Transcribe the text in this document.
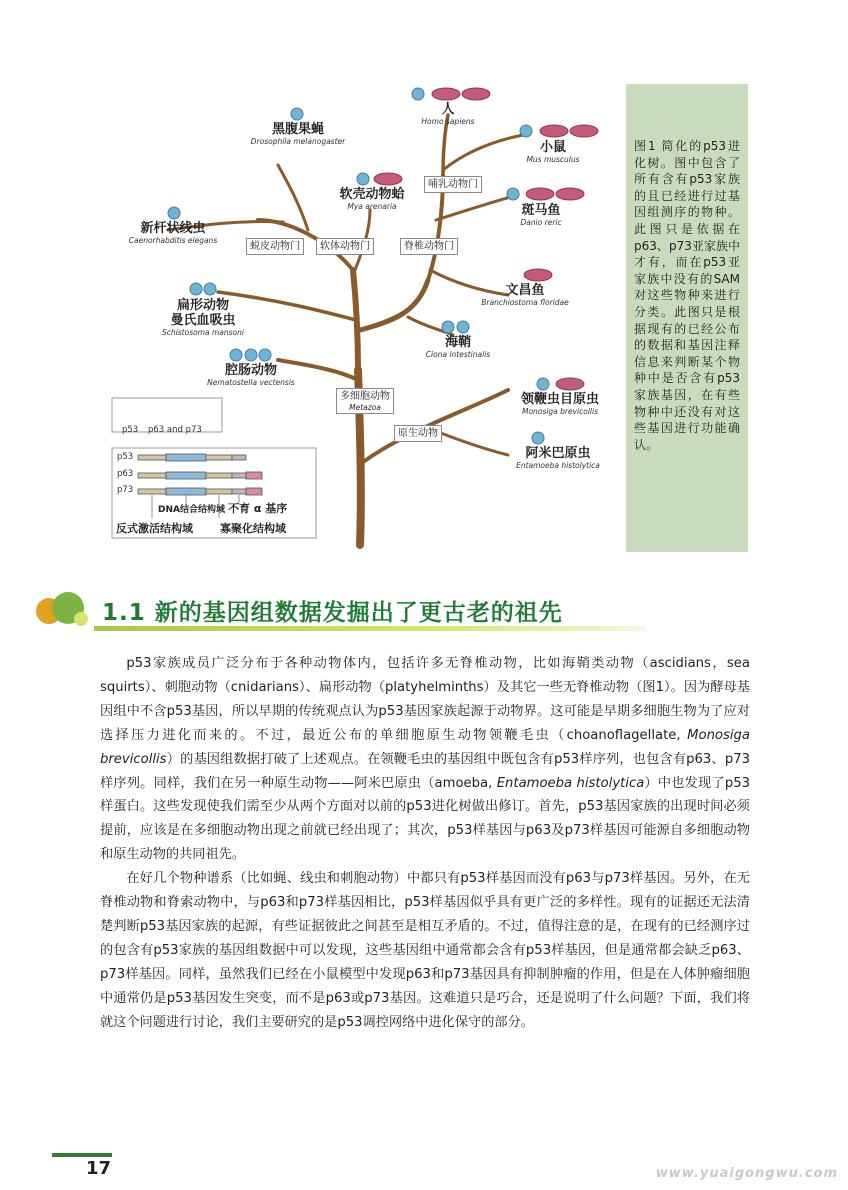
人
Homo sapiens
黑腹果蝇
Drosophila melanogaster	小鼠
Mus musculus
软壳动物蛤
Mya arenaria	斑马鱼
Danio reric
新杆状线虫
Caenorhabditis elegans
文昌鱼
Branchiostoma floridae
扁形动物
曼氏血吸虫
Schistosoma mansoni
海鞘
Ciona intestinalis
腔肠动物
Nematostella vectensis
领鞭虫目原虫
Monosiga brevicollis
阿米巴原虫
Entamoeba histolytica
哺乳动物门
蜕皮动物门	软体动物门	脊椎动物门
多细胞动物
Metazoa
原生动物
p53 p63 and p73
p53
p63
p73
DNA结合结构域 不育 α 基序
反式激活结构域 寡聚化结构域

图1 简化的p53进化树。图中包含了所有含有p53家族的且已经进行过基因组测序的物种。此图只是依据在p63、p73亚家族中才有，而在p53亚家族中没有的SAM对这些物种来进行分类。此图只是根据现有的已经公布的数据和基因注释信息来判断某个物种中是否含有p53家族基因，在有些物种中还没有对这些基因进行功能确认。

1.1 新的基因组数据发掘出了更古老的祖先

p53家族成员广泛分布于各种动物体内，包括许多无脊椎动物，比如海鞘类动物（ascidians，sea squirts）、刺胞动物（cnidarians）、扁形动物（platyhelminths）及其它一些无脊椎动物（图1）。因为酵母基因组中不含p53基因，所以早期的传统观点认为p53基因家族起源于动物界。这可能是早期多细胞生物为了应对选择压力进化而来的。不过，最近公布的单细胞原生动物领鞭毛虫（choanoflagellate, Monosiga brevicollis）的基因组数据打破了上述观点。在领鞭毛虫的基因组中既包含有p53样序列，也包含有p63、p73样序列。同样，我们在另一种原生动物——阿米巴原虫（amoeba, Entamoeba histolytica）中也发现了p53样蛋白。这些发现使我们需至少从两个方面对以前的p53进化树做出修订。首先，p53基因家族的出现时间必须提前，应该是在多细胞动物出现之前就已经出现了；其次，p53样基因与p63及p73样基因可能源自多细胞动物和原生动物的共同祖先。

在好几个物种谱系（比如蝇、线虫和刺胞动物）中都只有p53样基因而没有p63与p73样基因。另外，在无脊椎动物和脊索动物中，与p63和p73样基因相比，p53样基因似乎具有更广泛的多样性。现有的证据还无法清楚判断p53基因家族的起源，有些证据彼此之间甚至是相互矛盾的。不过，值得注意的是，在现有的已经测序过的包含有p53家族的基因组数据中可以发现，这些基因组中通常都会含有p53样基因，但是通常都会缺乏p63、p73样基因。同样，虽然我们已经在小鼠模型中发现p63和p73基因具有抑制肿瘤的作用，但是在人体肿瘤细胞中通常仍是p53基因发生突变，而不是p63或p73基因。这难道只是巧合，还是说明了什么问题？下面，我们将就这个问题进行讨论，我们主要研究的是p53调控网络中进化保守的部分。

17	www.yuaigongwu.com
